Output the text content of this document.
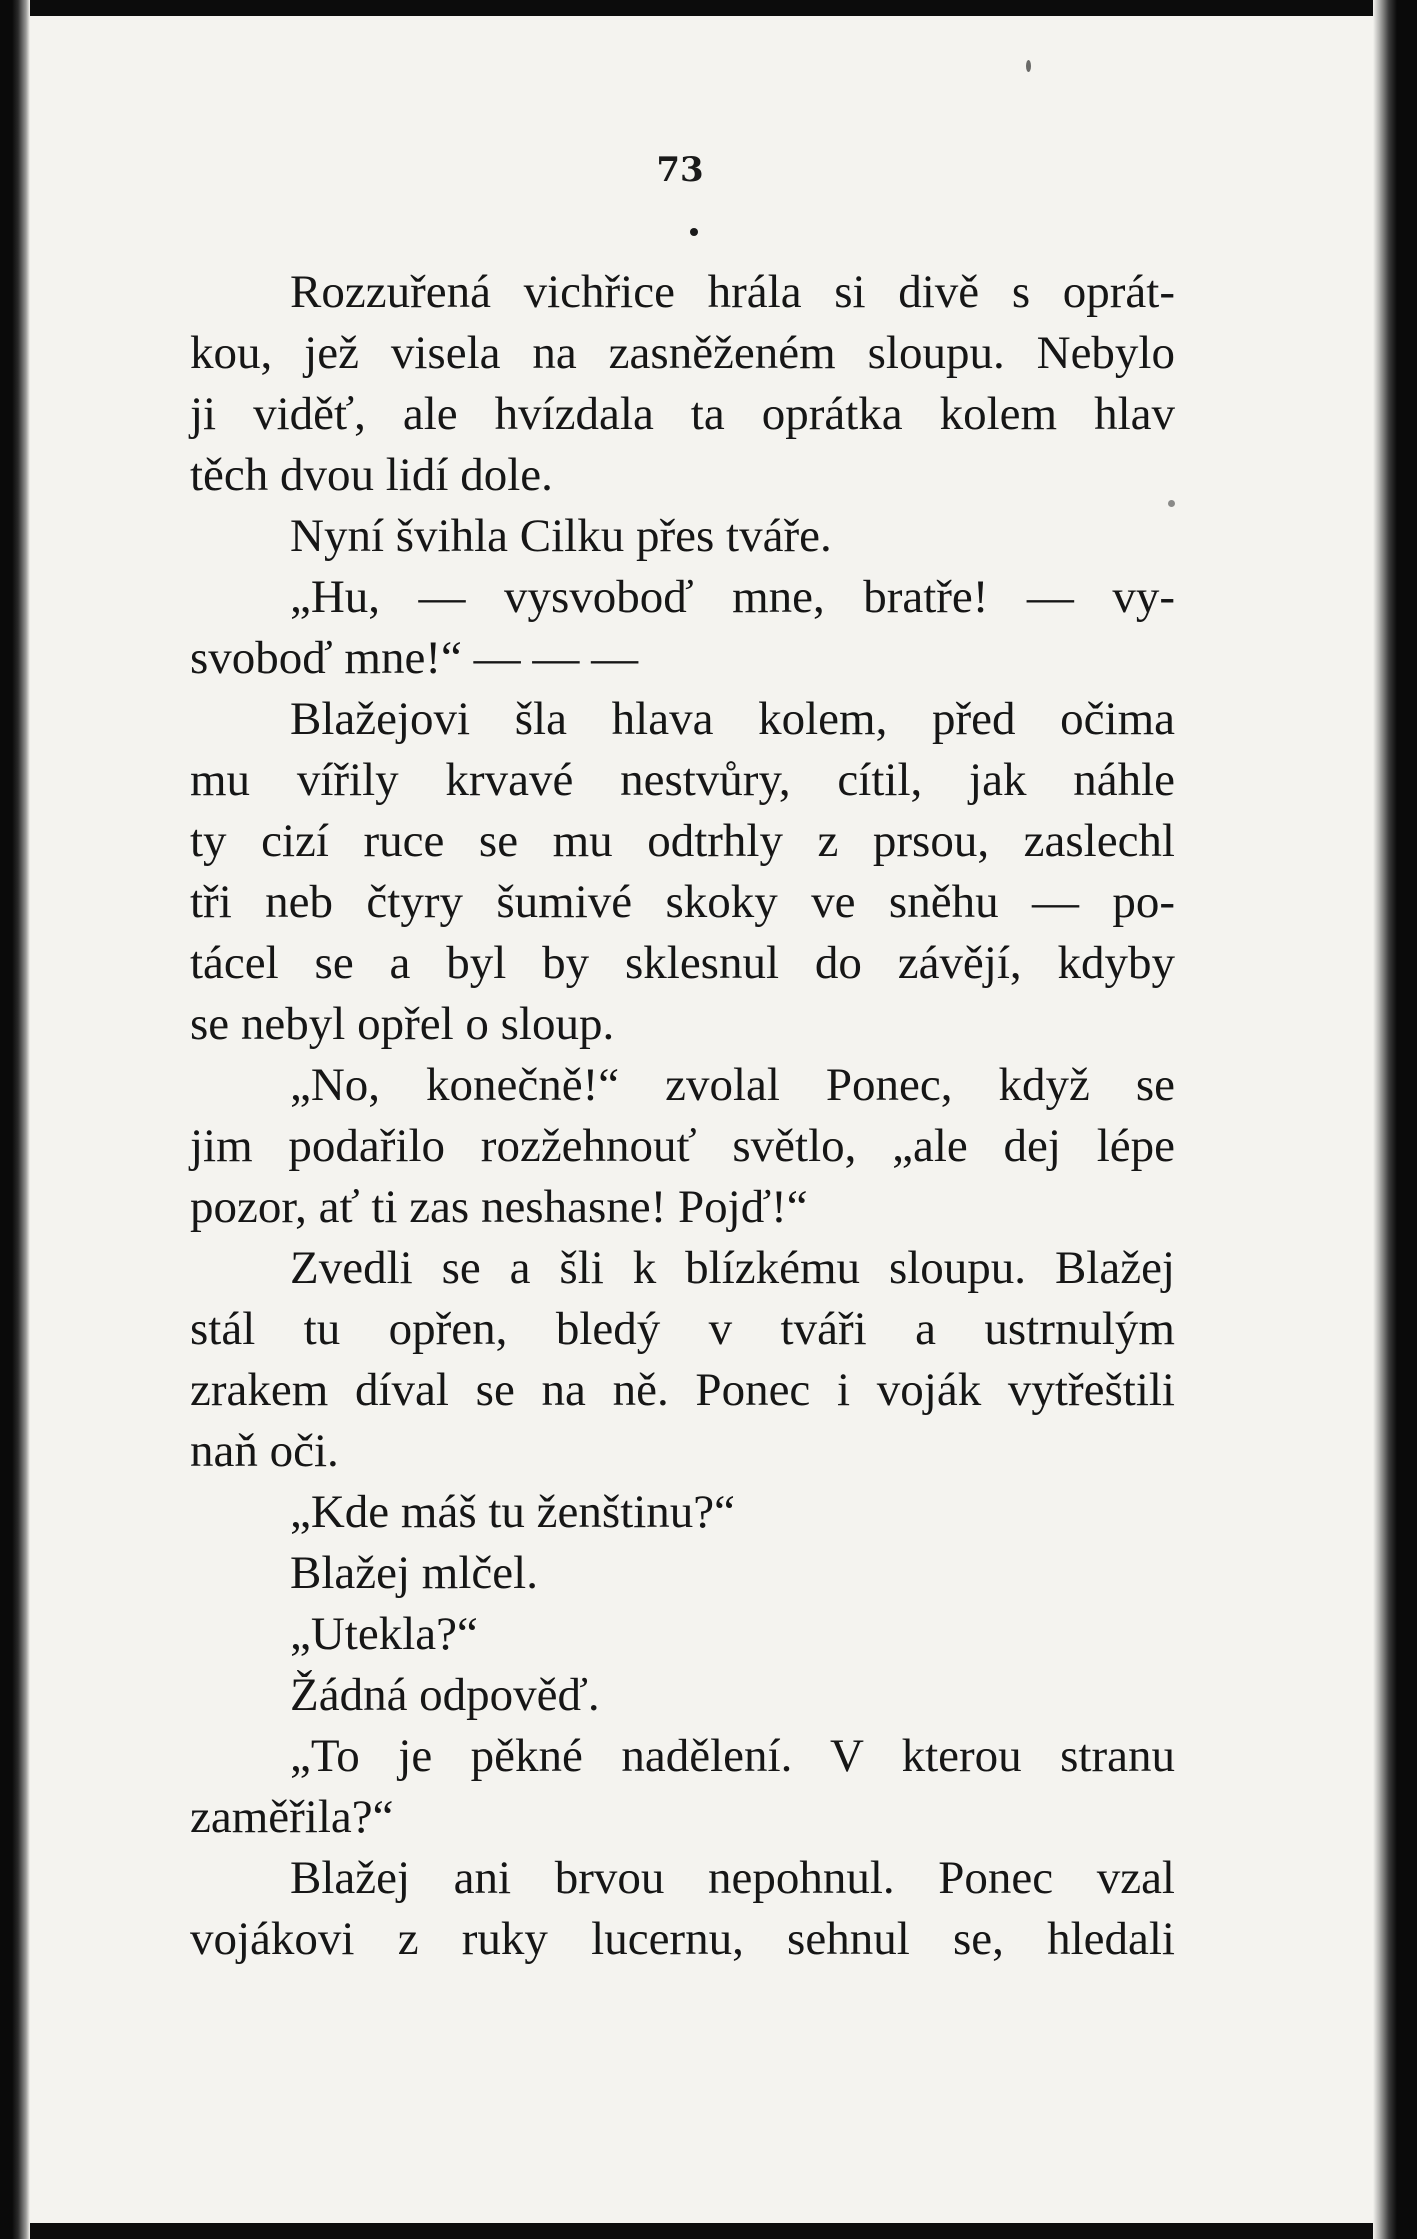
73
Rozzuřená vichřice hrála si divě s oprát-
kou, jež visela na zasněženém sloupu. Nebylo
ji viděť, ale hvízdala ta oprátka kolem hlav
těch dvou lidí dole.
Nyní švihla Cilku přes tváře.
„Hu, — vysvoboď mne, bratře! — vy-
svoboď mne!“ — — —
Blažejovi šla hlava kolem, před očima
mu vířily krvavé nestvůry, cítil, jak náhle
ty cizí ruce se mu odtrhly z prsou, zaslechl
tři neb čtyry šumivé skoky ve sněhu — po-
tácel se a byl by sklesnul do závějí, kdyby
se nebyl opřel o sloup.
„No, konečně!“ zvolal Ponec, když se
jim podařilo rozžehnouť světlo, „ale dej lépe
pozor, ať ti zas neshasne! Pojď!“
Zvedli se a šli k blízkému sloupu. Blažej
stál tu opřen, bledý v tváři a ustrnulým
zrakem díval se na ně. Ponec i voják vytřeštili
naň oči.
„Kde máš tu ženštinu?“
Blažej mlčel.
„Utekla?“
Žádná odpověď.
„To je pěkné nadělení. V kterou stranu
zaměřila?“
Blažej ani brvou nepohnul. Ponec vzal
vojákovi z ruky lucernu, sehnul se, hledali
